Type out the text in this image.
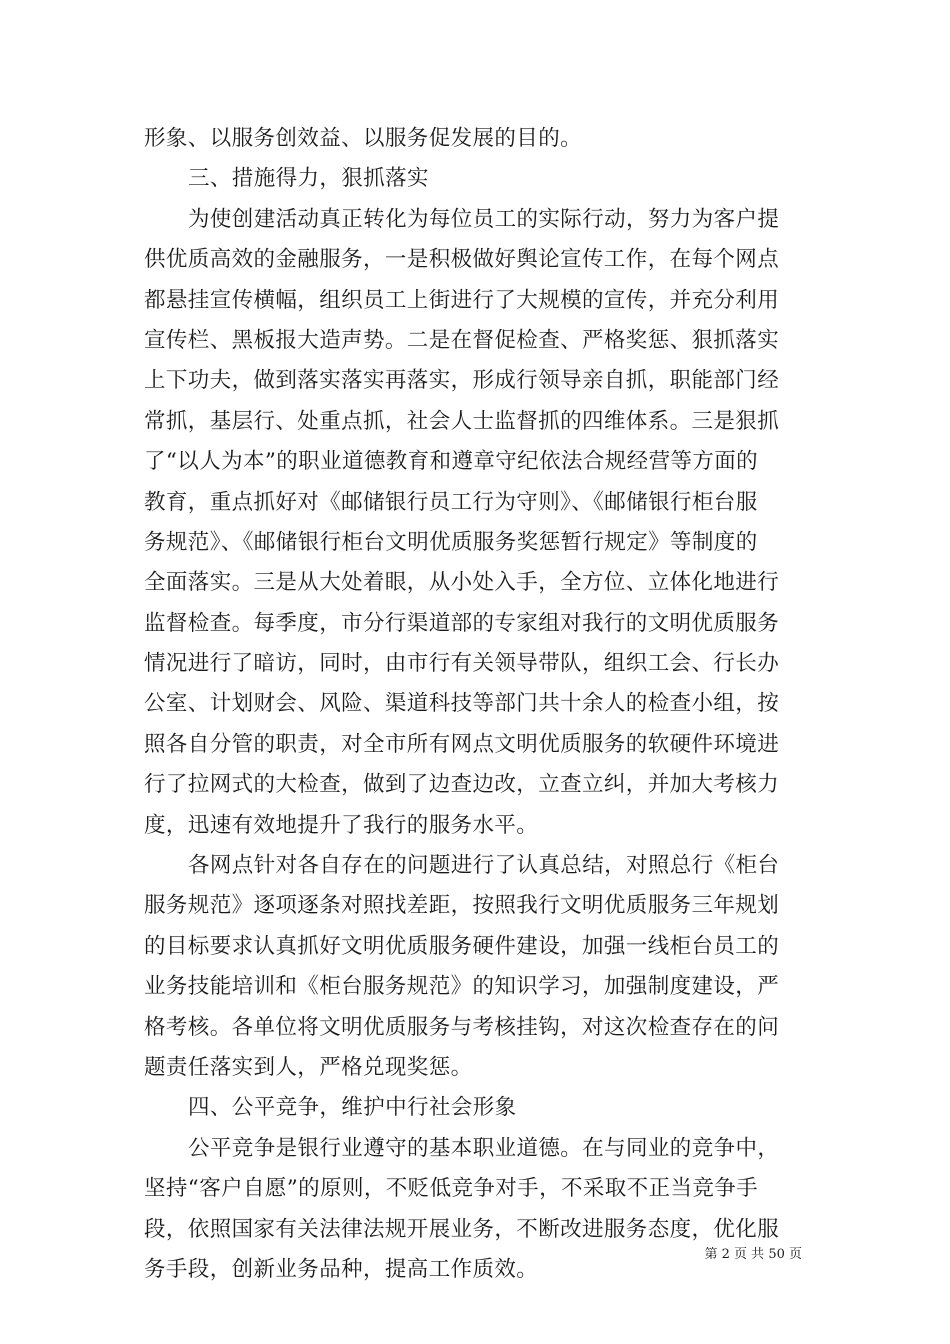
形象、以服务创效益、以服务促发展的目的。
三、措施得力，狠抓落实
为使创建活动真正转化为每位员工的实际行动，努力为客户提
供优质高效的金融服务，一是积极做好舆论宣传工作，在每个网点
都悬挂宣传横幅，组织员工上街进行了大规模的宣传，并充分利用
宣传栏、黑板报大造声势。二是在督促检查、严格奖惩、狠抓落实
上下功夫，做到落实落实再落实，形成行领导亲自抓，职能部门经
常抓，基层行、处重点抓，社会人士监督抓的四维体系。三是狠抓
了“以人为本”的职业道德教育和遵章守纪依法合规经营等方面的
教育，重点抓好对《邮储银行员工行为守则》、《邮储银行柜台服
务规范》、《邮储银行柜台文明优质服务奖惩暂行规定》等制度的
全面落实。三是从大处着眼，从小处入手，全方位、立体化地进行
监督检查。每季度，市分行渠道部的专家组对我行的文明优质服务
情况进行了暗访，同时，由市行有关领导带队，组织工会、行长办
公室、计划财会、风险、渠道科技等部门共十余人的检查小组，按
照各自分管的职责，对全市所有网点文明优质服务的软硬件环境进
行了拉网式的大检查，做到了边查边改，立查立纠，并加大考核力
度，迅速有效地提升了我行的服务水平。
各网点针对各自存在的问题进行了认真总结，对照总行《柜台
服务规范》逐项逐条对照找差距，按照我行文明优质服务三年规划
的目标要求认真抓好文明优质服务硬件建设，加强一线柜台员工的
业务技能培训和《柜台服务规范》的知识学习，加强制度建设，严
格考核。各单位将文明优质服务与考核挂钩，对这次检查存在的问
题责任落实到人，严格兑现奖惩。
四、公平竞争，维护中行社会形象
公平竞争是银行业遵守的基本职业道德。在与同业的竞争中，
坚持“客户自愿”的原则，不贬低竞争对手，不采取不正当竞争手
段，依照国家有关法律法规开展业务，不断改进服务态度，优化服
务手段，创新业务品种，提高工作质效。
第 2 页 共 50 页
